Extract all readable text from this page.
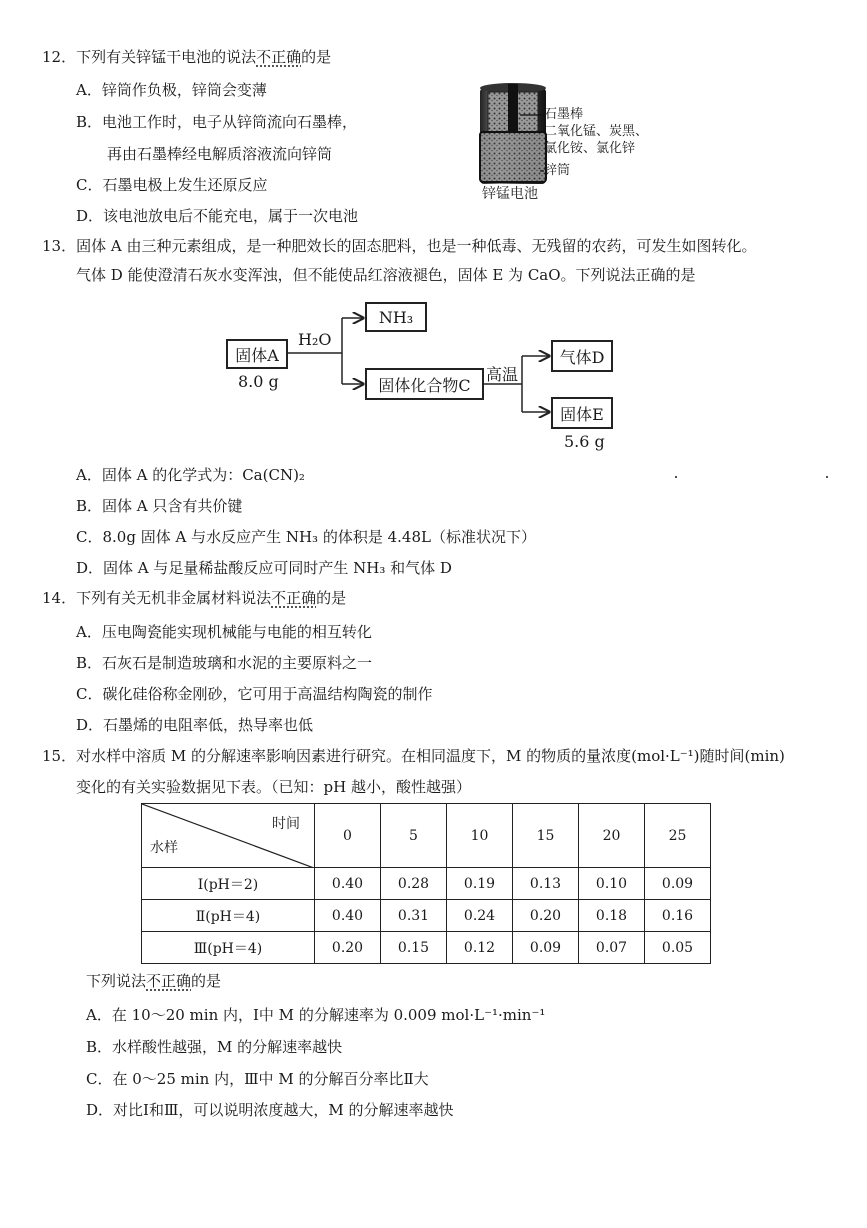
12．下列有关锌锰干电池的说法不正确的是
A．锌筒作负极，锌筒会变薄
B．电池工作时，电子从锌筒流向石墨棒，
再由石墨棒经电解质溶液流向锌筒
C．石墨电极上发生还原反应
D．该电池放电后不能充电，属于一次电池
石墨棒
二氧化锰、炭黑、
氯化铵、氯化锌
锌筒
锌锰电池
13．固体 A 由三种元素组成，是一种肥效长的固态肥料，也是一种低毒、无残留的农药，可发生如图转化。
气体 D 能使澄清石灰水变浑浊，但不能使品红溶液褪色，固体 E 为 CaO。下列说法正确的是
固体A
8.0 g
H₂O
NH₃
固体化合物C
高温
气体D
固体E
5.6 g
A．固体 A 的化学式为：Ca(CN)₂
B．固体 A 只含有共价键
C．8.0g 固体 A 与水反应产生 NH₃ 的体积是 4.48L（标准状况下）
D．固体 A 与足量稀盐酸反应可同时产生 NH₃ 和气体 D
14．下列有关无机非金属材料说法不正确的是
A．压电陶瓷能实现机械能与电能的相互转化
B．石灰石是制造玻璃和水泥的主要原料之一
C．碳化硅俗称金刚砂，它可用于高温结构陶瓷的制作
D．石墨烯的电阻率低，热导率也低
15．对水样中溶质 M 的分解速率影响因素进行研究。在相同温度下，M 的物质的量浓度(mol·L⁻¹)随时间(min)
变化的有关实验数据见下表。（已知：pH 越小，酸性越强）
时间
水样	0	5	10	15	20	25
Ⅰ(pH＝2)	0.40	0.28	0.19	0.13	0.10	0.09
Ⅱ(pH＝4)	0.40	0.31	0.24	0.20	0.18	0.16
Ⅲ(pH＝4)	0.20	0.15	0.12	0.09	0.07	0.05
下列说法不正确的是
A．在 10～20 min 内，Ⅰ中 M 的分解速率为 0.009 mol·L⁻¹·min⁻¹
B．水样酸性越强，M 的分解速率越快
C．在 0～25 min 内，Ⅲ中 M 的分解百分率比Ⅱ大
D．对比Ⅰ和Ⅲ，可以说明浓度越大，M 的分解速率越快
